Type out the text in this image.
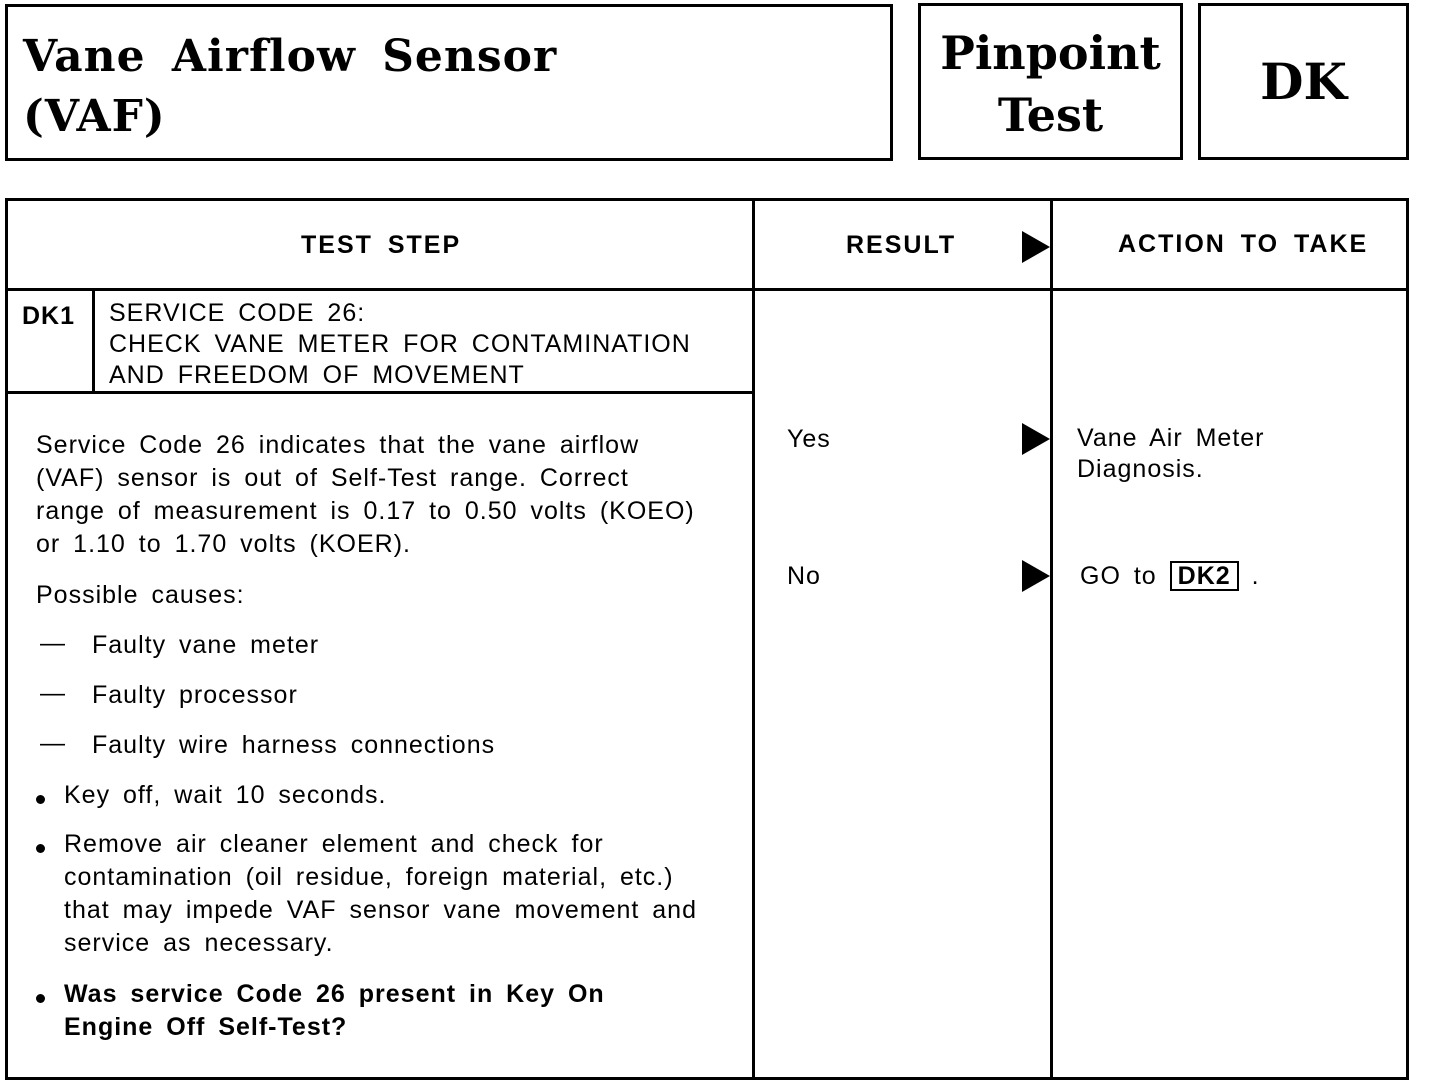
Vane Airflow Sensor
(VAF)
Pinpoint
Test
DK
TEST STEP	RESULT	ACTION TO TAKE
DK1 SERVICE CODE 26:
CHECK VANE METER FOR CONTAMINATION
AND FREEDOM OF MOVEMENT
Service Code 26 indicates that the vane airflow
(VAF) sensor is out of Self-Test range. Correct
range of measurement is 0.17 to 0.50 volts (KOEO)
or 1.10 to 1.70 volts (KOER).
Possible causes:
— Faulty vane meter
— Faulty processor
— Faulty wire harness connections
Key off, wait 10 seconds.
Remove air cleaner element and check for
contamination (oil residue, foreign material, etc.)
that may impede VAF sensor vane movement and
service as necessary.
Was service Code 26 present in Key On
Engine Off Self-Test?
Yes	Vane Air Meter
Diagnosis.
No	GO to DK2 .
